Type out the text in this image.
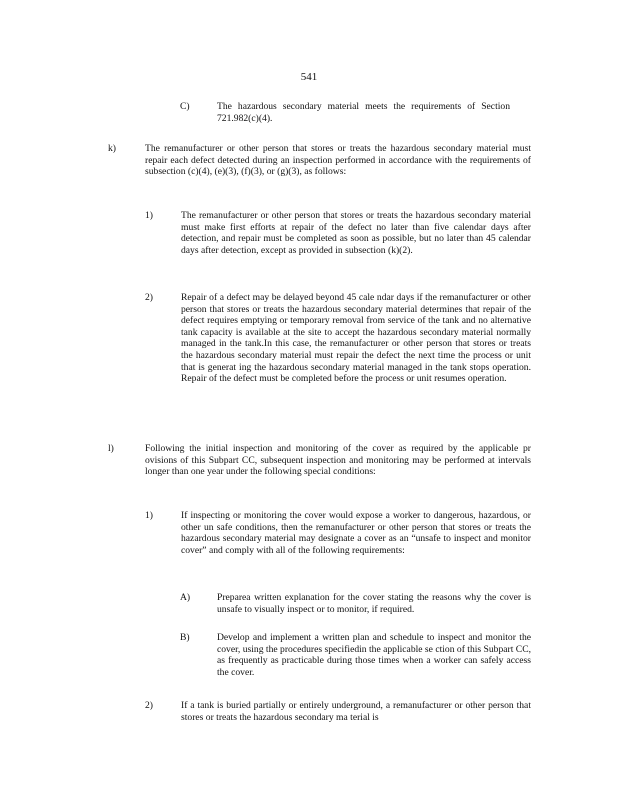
541
C)	The hazardous secondary material meets the requirements of Section 721.982(c)(4).
k)	The remanufacturer or other person that stores or treats the hazardous secondary material must repair each defect detected during an inspection performed in accordance with the requirements of subsection (c)(4), (e)(3), (f)(3), or (g)(3), as follows:
1)	The remanufacturer or other person that stores or treats the hazardous secondary material must make first efforts at repair of the defect no later than five calendar days after detection, and repair must be completed as soon as possible, but no later than 45 calendar days after detection, except as provided in subsection (k)(2).
2)	Repair of a defect may be delayed beyond 45 cale ndar days if the remanufacturer or other person that stores or treats the hazardous secondary material determines that repair of the defect requires emptying or temporary removal from service of the tank and no alternative tank capacity is available at the site to accept the hazardous secondary material normally managed in the tank.In this case, the remanufacturer or other person that stores or treats the hazardous secondary material must repair the defect the next time the process or unit that is generat ing the hazardous secondary material managed in the tank stops operation. Repair of the defect must be completed before the process or unit resumes operation.
l)	Following the initial inspection and monitoring of the cover as required by the applicable pr ovisions of this Subpart CC, subsequent inspection and monitoring may be performed at intervals longer than one year under the following special conditions:
1)	If inspecting or monitoring the cover would expose a worker to dangerous, hazardous, or other un safe conditions, then the remanufacturer or other person that stores or treats the hazardous secondary material may designate a cover as an “unsafe to inspect and monitor cover” and comply with all of the following requirements:
A)	Preparea written explanation for the cover stating the reasons why the cover is unsafe to visually inspect or to monitor, if required.
B)	Develop and implement a written plan and schedule to inspect and monitor the cover, using the procedures specifiedin the applicable se ction of this Subpart CC, as frequently as practicable during those times when a worker can safely access the cover.
2)	If a tank is buried partially or entirely underground, a remanufacturer or other person that stores or treats the hazardous secondary ma terial is
